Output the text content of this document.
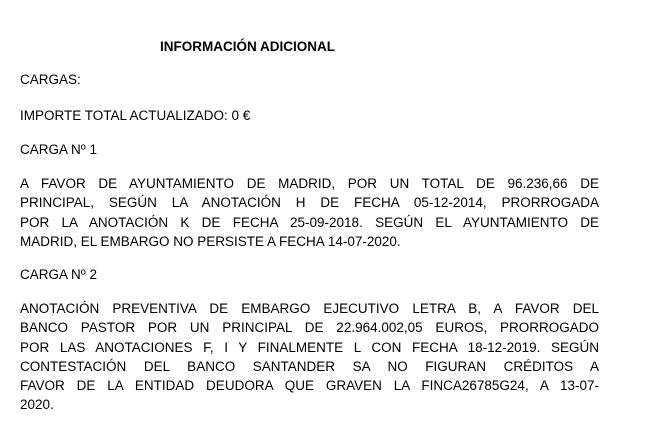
INFORMACIÓN ADICIONAL

CARGAS:

IMPORTE TOTAL ACTUALIZADO: 0 €

CARGA Nº 1

A FAVOR DE AYUNTAMIENTO DE MADRID, POR UN TOTAL DE 96.236,66 DE
PRINCIPAL, SEGÚN LA ANOTACIÓN H DE FECHA 05-12-2014, PRORROGADA
POR LA ANOTACIÓN K DE FECHA 25-09-2018. SEGÚN EL AYUNTAMIENTO DE
MADRID, EL EMBARGO NO PERSISTE A FECHA 14-07-2020.

CARGA Nº 2

ANOTACIÓN PREVENTIVA DE EMBARGO EJECUTIVO LETRA B, A FAVOR DEL
BANCO PASTOR POR UN PRINCIPAL DE 22.964.002,05 EUROS, PRORROGADO
POR LAS ANOTACIONES F, I Y FINALMENTE L CON FECHA 18-12-2019. SEGÚN
CONTESTACIÓN DEL BANCO SANTANDER SA NO FIGURAN CRÉDITOS A
FAVOR DE LA ENTIDAD DEUDORA QUE GRAVEN LA FINCA26785G24, A 13-07-
2020.
